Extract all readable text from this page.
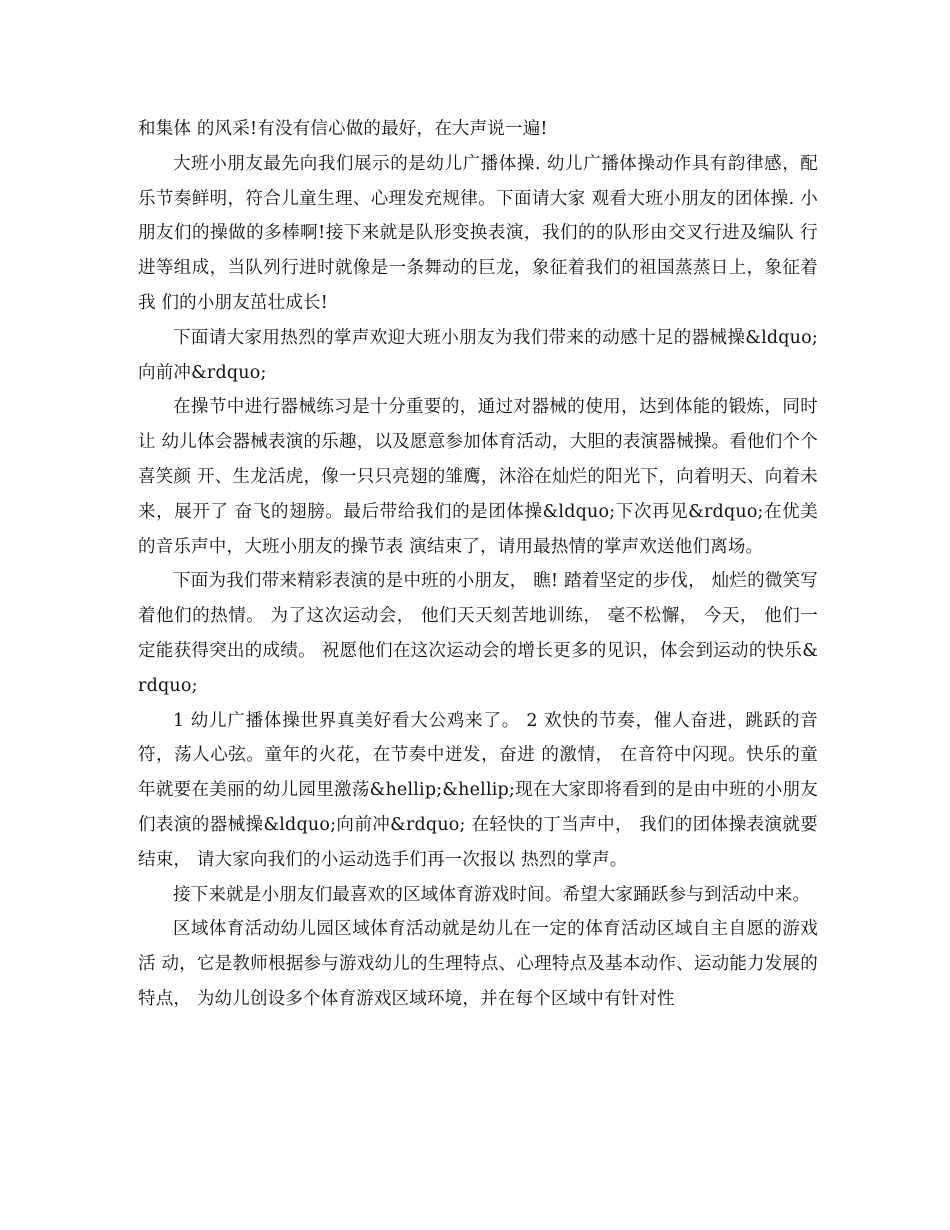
和集体 的风采!有没有信心做的最好，在大声说一遍!

大班小朋友最先向我们展示的是幼儿广播体操. 幼儿广播体操动作具有韵律感，配乐节奏鲜明，符合儿童生理、心理发充规律。下面请大家 观看大班小朋友的团体操. 小朋友们的操做的多棒啊!接下来就是队形变换表演，我们的的队形由交叉行进及编队 行进等组成，当队列行进时就像是一条舞动的巨龙，象征着我们的祖国蒸蒸日上，象征着我 们的小朋友茁壮成长!

下面请大家用热烈的掌声欢迎大班小朋友为我们带来的动感十足的器械操&ldquo;向前冲&rdquo;

在操节中进行器械练习是十分重要的，通过对器械的使用，达到体能的锻炼，同时让 幼儿体会器械表演的乐趣，以及愿意参加体育活动，大胆的表演器械操。看他们个个喜笑颜 开、生龙活虎，像一只只亮翅的雏鹰，沐浴在灿烂的阳光下，向着明天、向着未来，展开了 奋飞的翅膀。最后带给我们的是团体操&ldquo;下次再见&rdquo;在优美的音乐声中，大班小朋友的操节表 演结束了，请用最热情的掌声欢送他们离场。

下面为我们带来精彩表演的是中班的小朋友， 瞧! 踏着坚定的步伐， 灿烂的微笑写着他们的热情。 为了这次运动会， 他们天天刻苦地训练， 毫不松懈， 今天， 他们一定能获得突出的成绩。 祝愿他们在这次运动会的增长更多的见识，体会到运动的快乐&rdquo;

1 幼儿广播体操世界真美好看大公鸡来了。 2 欢快的节奏，催人奋进，跳跃的音符，荡人心弦。童年的火花，在节奏中迸发，奋进 的激情， 在音符中闪现。快乐的童年就要在美丽的幼儿园里激荡&hellip;&hellip;现在大家即将看到的是由中班的小朋友们表演的器械操&ldquo;向前冲&rdquo; 在轻快的丁当声中， 我们的团体操表演就要结束， 请大家向我们的小运动选手们再一次报以 热烈的掌声。

接下来就是小朋友们最喜欢的区域体育游戏时间。希望大家踊跃参与到活动中来。

区域体育活动幼儿园区域体育活动就是幼儿在一定的体育活动区域自主自愿的游戏活 动，它是教师根据参与游戏幼儿的生理特点、心理特点及基本动作、运动能力发展的特点， 为幼儿创设多个体育游戏区域环境，并在每个区域中有针对性
